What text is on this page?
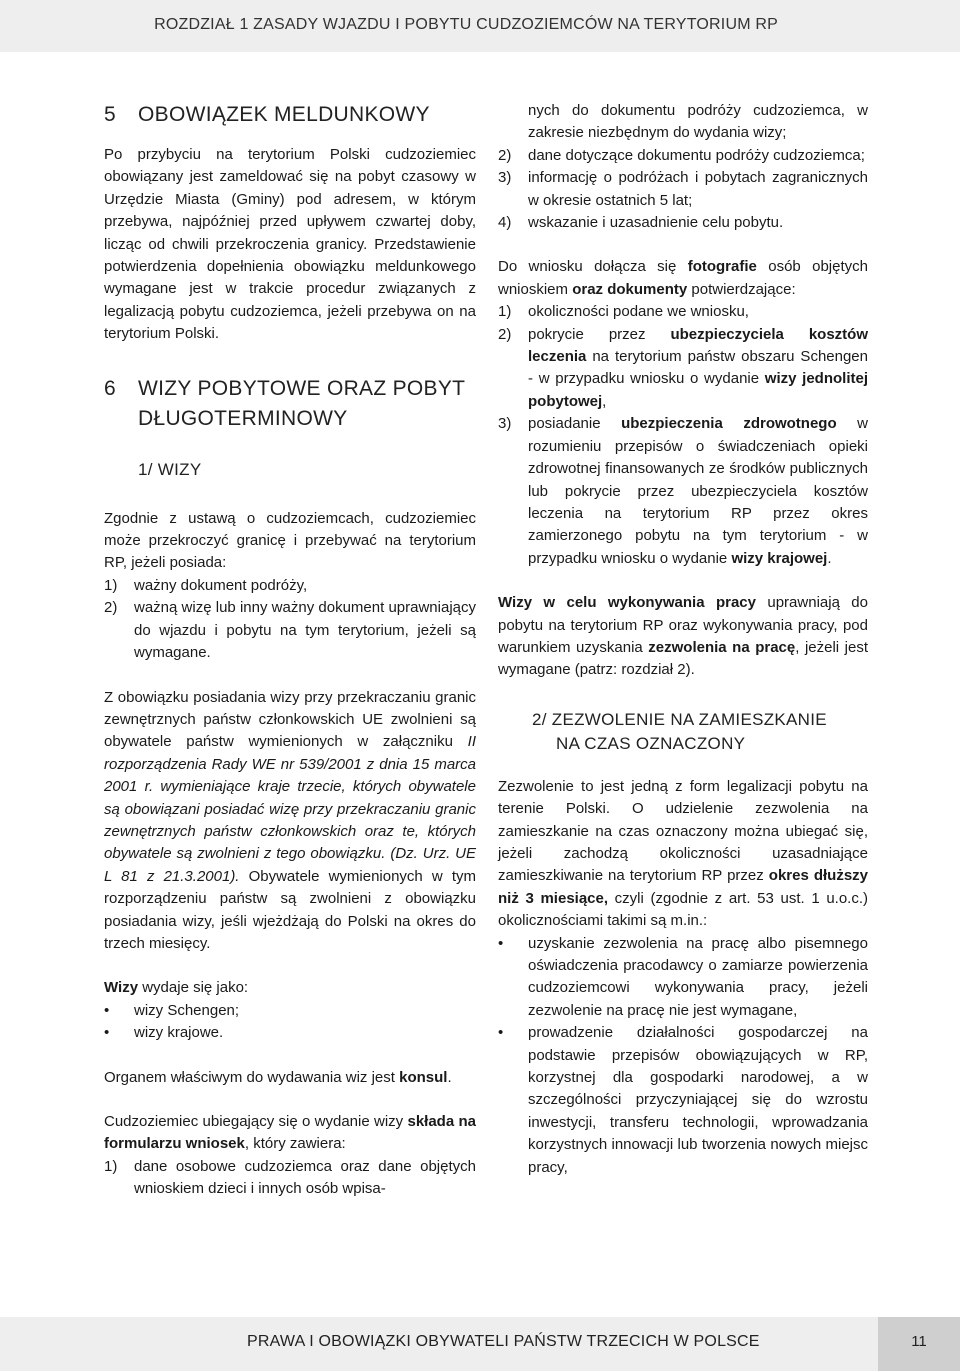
ROZDZIAŁ 1 ZASADY WJAZDU I POBYTU CUDZOZIEMCÓW NA TERYTORIUM RP
5	OBOWIĄZEK MELDUNKOWY

Po przybyciu na terytorium Polski cudzoziemiec obowiązany jest zameldować się na pobyt czasowy w Urzędzie Miasta (Gminy) pod adresem, w którym przebywa, najpóźniej przed upływem czwartej doby, licząc od chwili przekroczenia granicy. Przedstawienie potwierdzenia dopełnienia obowiązku meldunkowego wymagane jest w trakcie procedur związanych z legalizacją pobytu cudzoziemca, jeżeli przebywa on na terytorium Polski.

6	WIZY POBYTOWE ORAZ POBYT
DŁUGOTERMINOWY
1/ WIZY

Zgodnie z ustawą o cudzoziemcach, cudzoziemiec może przekroczyć granicę i przebywać na terytorium RP, jeżeli posiada:

1)	ważny dokument podróży,
2)	ważną wizę lub inny ważny dokument uprawniający do wjazdu i pobytu na tym terytorium, jeżeli są wymagane.

Z obowiązku posiadania wizy przy przekraczaniu granic zewnętrznych państw członkowskich UE zwolnieni są obywatele państw wymienionych w załączniku II rozporządzenia Rady WE nr 539/2001 z dnia 15 marca 2001 r. wymieniające kraje trzecie, których obywatele są obowiązani posiadać wizę przy przekraczaniu granic zewnętrznych państw członkowskich oraz te, których obywatele są zwolnieni z tego obowiązku. (Dz. Urz. UE L 81 z 21.3.2001). Obywatele wymienionych w tym rozporządzeniu państw są zwolnieni z obowiązku posiadania wizy, jeśli wjeżdżają do Polski na okres do trzech miesięcy.

Wizy wydaje się jako:

•	wizy Schengen;
•	wizy krajowe.

Organem właściwym do wydawania wiz jest konsul.

Cudzoziemiec ubiegający się o wydanie wizy składa na formularzu wniosek, który zawiera:

1)	dane osobowe cudzoziemca oraz dane objętych wnioskiem dzieci i innych osób wpisa-
nych do dokumentu podróży cudzoziemca, w zakresie niezbędnym do wydania wizy;
2)	dane dotyczące dokumentu podróży cudzoziemca;
3)	informację o podróżach i pobytach zagranicznych w okresie ostatnich 5 lat;
4)	wskazanie i uzasadnienie celu pobytu.

Do wniosku dołącza się fotografie osób objętych wnioskiem oraz dokumenty potwierdzające:

1)	okoliczności podane we wniosku,
2)	pokrycie przez ubezpieczyciela kosztów leczenia na terytorium państw obszaru Schengen - w przypadku wniosku o wydanie wizy jednolitej pobytowej,
3)	posiadanie ubezpieczenia zdrowotnego w rozumieniu przepisów o świadczeniach opieki zdrowotnej finansowanych ze środków publicznych lub pokrycie przez ubezpieczyciela kosztów leczenia na terytorium RP przez okres zamierzonego pobytu na tym terytorium - w przypadku wniosku o wydanie wizy krajowej.

Wizy w celu wykonywania pracy uprawniają do pobytu na terytorium RP oraz wykonywania pracy, pod warunkiem uzyskania zezwolenia na pracę, jeżeli jest wymagane (patrz: rozdział 2).

2/ ZEZWOLENIE NA ZAMIESZKANIE
NA CZAS OZNACZONY

Zezwolenie to jest jedną z form legalizacji pobytu na terenie Polski. O udzielenie zezwolenia na zamieszkanie na czas oznaczony można ubiegać się, jeżeli zachodzą okoliczności uzasadniające zamieszkiwanie na terytorium RP przez okres dłuższy niż 3 miesiące, czyli (zgodnie z art. 53 ust. 1 u.o.c.) okolicznościami takimi są m.in.:

•	uzyskanie zezwolenia na pracę albo pisemnego oświadczenia pracodawcy o zamiarze powierzenia cudzoziemcowi wykonywania pracy, jeżeli zezwolenie na pracę nie jest wymagane,
•	prowadzenie działalności gospodarczej na podstawie przepisów obowiązujących w RP, korzystnej dla gospodarki narodowej, a w szczególności przyczyniającej się do wzrostu inwestycji, transferu technologii, wprowadzania korzystnych innowacji lub tworzenia nowych miejsc pracy,
PRAWA I OBOWIĄZKI OBYWATELI PAŃSTW TRZECICH W POLSCE	11
